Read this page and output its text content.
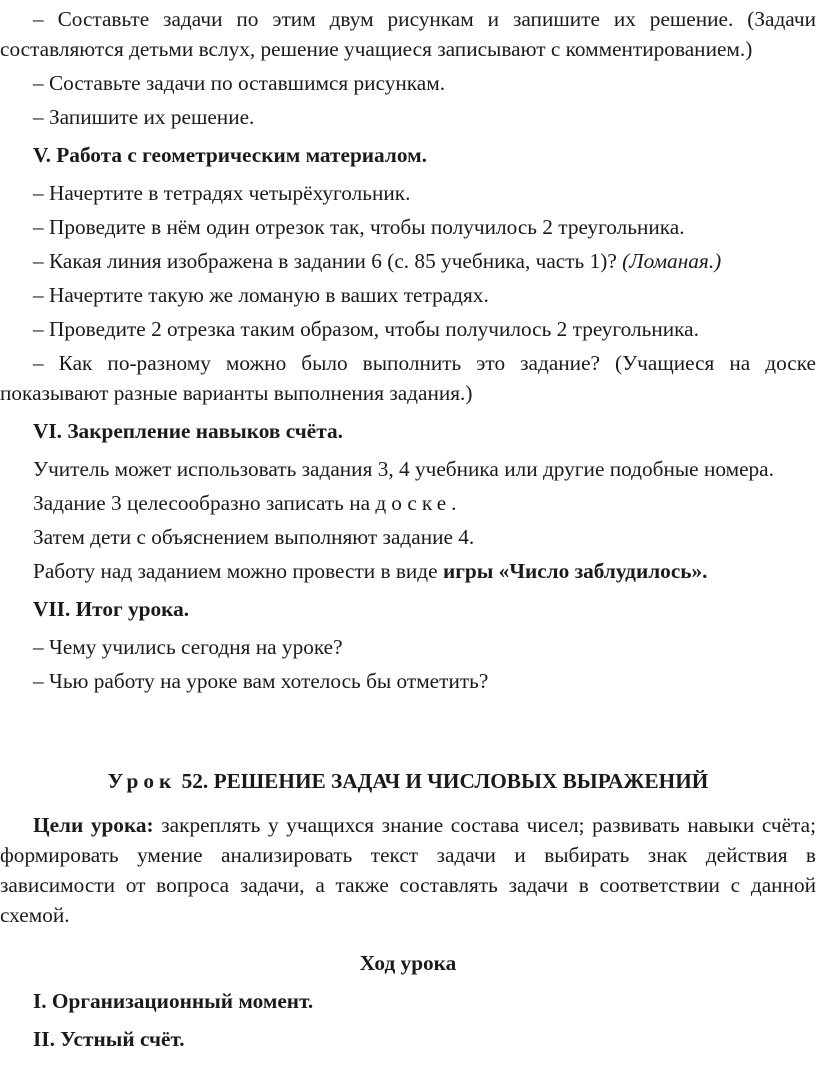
– Составьте задачи по этим двум рисункам и запишите их решение. (Задачи составляются детьми вслух, решение учащиеся записывают с комментированием.)

– Составьте задачи по оставшимся рисункам.

– Запишите их решение.

V. Работа с геометрическим материалом.

– Начертите в тетрадях четырёхугольник.

– Проведите в нём один отрезок так, чтобы получилось 2 треугольника.

– Какая линия изображена в задании 6 (с. 85 учебника, часть 1)? (Ломаная.)

– Начертите такую же ломаную в ваших тетрадях.

– Проведите 2 отрезка таким образом, чтобы получилось 2 треугольника.

– Как по-разному можно было выполнить это задание? (Учащиеся на доске показывают разные варианты выполнения задания.)

VI. Закрепление навыков счёта.

Учитель может использовать задания 3, 4 учебника или другие подобные номера.

Задание 3 целесообразно записать на доске.

Затем дети с объяснением выполняют задание 4.

Работу над заданием можно провести в виде игры «Число заблудилось».

VII. Итог урока.

– Чему учились сегодня на уроке?

– Чью работу на уроке вам хотелось бы отметить?

Урок 52. РЕШЕНИЕ ЗАДАЧ И ЧИСЛОВЫХ ВЫРАЖЕНИЙ

Цели урока: закреплять у учащихся знание состава чисел; развивать навыки счёта; формировать умение анализировать текст задачи и выбирать знак действия в зависимости от вопроса задачи, а также составлять задачи в соответствии с данной схемой.

Ход урока

I. Организационный момент.

II. Устный счёт.
